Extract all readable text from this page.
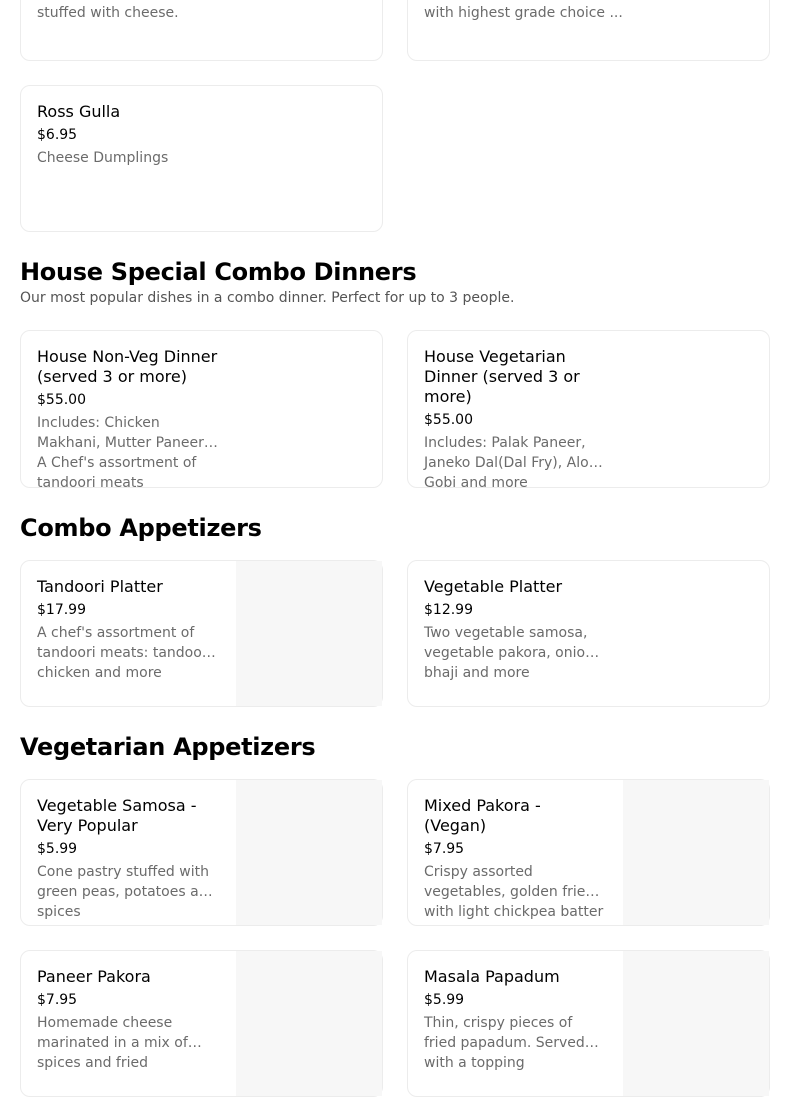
stuffed with cheese.	with highest grade choice ...
Ross Gulla
$6.95
Cheese Dumplings
House Special Combo Dinners

Our most popular dishes in a combo dinner. Perfect for up to 3 people.

House Non-Veg Dinner (served 3 or more)
$55.00
Includes: Chicken Makhani, Mutter Paneer, A Chef's assortment of tandoori meats
House Vegetarian Dinner (served 3 or more)
$55.00
Includes: Palak Paneer, Janeko Dal(Dal Fry), Aloo Gobi and more
Combo Appetizers
Tandoori Platter
$17.99
A chef's assortment of tandoori meats: tandoori chicken and more
Vegetable Platter
$12.99
Two vegetable samosa, vegetable pakora, onion bhaji and more
Vegetarian Appetizers
Vegetable Samosa - Very Popular
$5.99
Cone pastry stuffed with green peas, potatoes and spices
Mixed Pakora - (Vegan)
$7.95
Crispy assorted vegetables, golden fried with light chickpea batter
Paneer Pakora
$7.95
Homemade cheese marinated in a mix of spices and fried
Masala Papadum
$5.99
Thin, crispy pieces of fried papadum. Served with a topping
